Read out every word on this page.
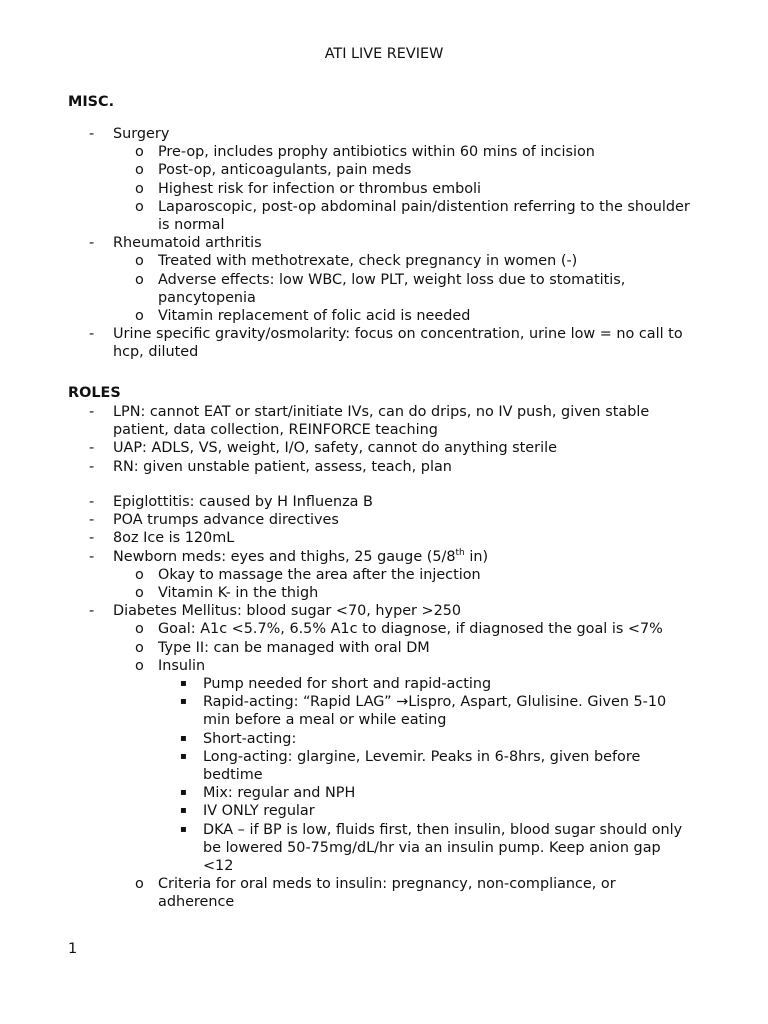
ATI LIVE REVIEW
MISC.
- Surgery
o Pre-op, includes prophy antibiotics within 60 mins of incision
o Post-op, anticoagulants, pain meds
o Highest risk for infection or thrombus emboli
o Laparoscopic, post-op abdominal pain/distention referring to the shoulder is normal
- Rheumatoid arthritis
o Treated with methotrexate, check pregnancy in women (-)
o Adverse effects: low WBC, low PLT, weight loss due to stomatitis, pancytopenia
o Vitamin replacement of folic acid is needed
- Urine specific gravity/osmolarity: focus on concentration, urine low = no call to hcp, diluted
ROLES
- LPN: cannot EAT or start/initiate IVs, can do drips, no IV push, given stable patient, data collection, REINFORCE teaching
- UAP: ADLS, VS, weight, I/O, safety, cannot do anything sterile
- RN: given unstable patient, assess, teach, plan
- Epiglottitis: caused by H Influenza B
- POA trumps advance directives
- 8oz Ice is 120mL
- Newborn meds: eyes and thighs, 25 gauge (5/8th in)
o Okay to massage the area after the injection
o Vitamin K- in the thigh
- Diabetes Mellitus: blood sugar <70, hyper >250
o Goal: A1c <5.7%, 6.5% A1c to diagnose, if diagnosed the goal is <7%
o Type II: can be managed with oral DM
o Insulin
▪ Pump needed for short and rapid-acting
▪ Rapid-acting: “Rapid LAG” →Lispro, Aspart, Glulisine. Given 5-10 min before a meal or while eating
▪ Short-acting:
▪ Long-acting: glargine, Levemir. Peaks in 6-8hrs, given before bedtime
▪ Mix: regular and NPH
▪ IV ONLY regular
▪ DKA – if BP is low, fluids first, then insulin, blood sugar should only be lowered 50-75mg/dL/hr via an insulin pump. Keep anion gap <12
o Criteria for oral meds to insulin: pregnancy, non-compliance, or adherence
1
